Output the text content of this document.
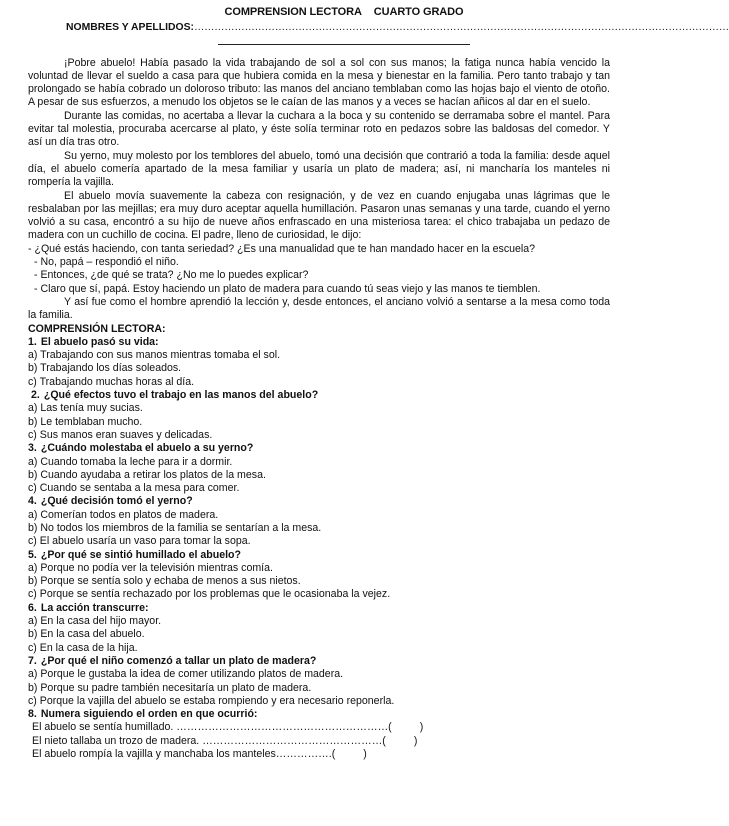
COMPRENSION LECTORA CUARTO GRADO
NOMBRES Y APELLIDOS:……………………………………………………………………………………………………………………………………………

¡Pobre abuelo! Había pasado la vida trabajando de sol a sol con sus manos; la fatiga nunca había vencido la voluntad de llevar el sueldo a casa para que hubiera comida en la mesa y bienestar en la familia. Pero tanto trabajo y tan prolongado se había cobrado un doloroso tributo: las manos del anciano temblaban como las hojas bajo el viento de otoño. A pesar de sus esfuerzos, a menudo los objetos se le caían de las manos y a veces se hacían añicos al dar en el suelo.

Durante las comidas, no acertaba a llevar la cuchara a la boca y su contenido se derramaba sobre el mantel. Para evitar tal molestia, procuraba acercarse al plato, y éste solía terminar roto en pedazos sobre las baldosas del comedor. Y así un día tras otro.

Su yerno, muy molesto por los temblores del abuelo, tomó una decisión que contrarió a toda la familia: desde aquel día, el abuelo comería apartado de la mesa familiar y usaría un plato de madera; así, ni mancharía los manteles ni rompería la vajilla.

El abuelo movía suavemente la cabeza con resignación, y de vez en cuando enjugaba unas lágrimas que le resbalaban por las mejillas; era muy duro aceptar aquella humillación. Pasaron unas semanas y una tarde, cuando el yerno volvió a su casa, encontró a su hijo de nueve años enfrascado en una misteriosa tarea: el chico trabajaba un pedazo de madera con un cuchillo de cocina. El padre, lleno de curiosidad, le dijo:

- ¿Qué estás haciendo, con tanta seriedad? ¿Es una manualidad que te han mandado hacer en la escuela?

- No, papá – respondió el niño.

- Entonces, ¿de qué se trata? ¿No me lo puedes explicar?

- Claro que sí, papá. Estoy haciendo un plato de madera para cuando tú seas viejo y las manos te tiemblen.

Y así fue como el hombre aprendió la lección y, desde entonces, el anciano volvió a sentarse a la mesa como toda la familia.

COMPRENSIÓN LECTORA:
1. El abuelo pasó su vida:

a) Trabajando con sus manos mientras tomaba el sol.

b) Trabajando los días soleados.

c) Trabajando muchas horas al día.

2. ¿Qué efectos tuvo el trabajo en las manos del abuelo?

a) Las tenía muy sucias.

b) Le temblaban mucho.

c) Sus manos eran suaves y delicadas.

3. ¿Cuándo molestaba el abuelo a su yerno?

a) Cuando tomaba la leche para ir a dormir.

b) Cuando ayudaba a retirar los platos de la mesa.

c) Cuando se sentaba a la mesa para comer.

4. ¿Qué decisión tomó el yerno?

a) Comerían todos en platos de madera.

b) No todos los miembros de la familia se sentarían a la mesa.

c) El abuelo usaría un vaso para tomar la sopa.

5. ¿Por qué se sintió humillado el abuelo?

a) Porque no podía ver la televisión mientras comía.

b) Porque se sentía solo y echaba de menos a sus nietos.

c) Porque se sentía rechazado por los problemas que le ocasionaba la vejez.

6. La acción transcurre:

a) En la casa del hijo mayor.

b) En la casa del abuelo.

c) En la casa de la hija.

7. ¿Por qué el niño comenzó a tallar un plato de madera?

a) Porque le gustaba la idea de comer utilizando platos de madera.

b) Porque su padre también necesitaría un plato de madera.

c) Porque la vajilla del abuelo se estaba rompiendo y era necesario reponerla.

8. Numera siguiendo el orden en que ocurrió:

El abuelo se sentía humillado. ……………………………………………………(	)

El nieto tallaba un trozo de madera. ……………………………………………(	)

El abuelo rompía la vajilla y manchaba los manteles…………….(	)
